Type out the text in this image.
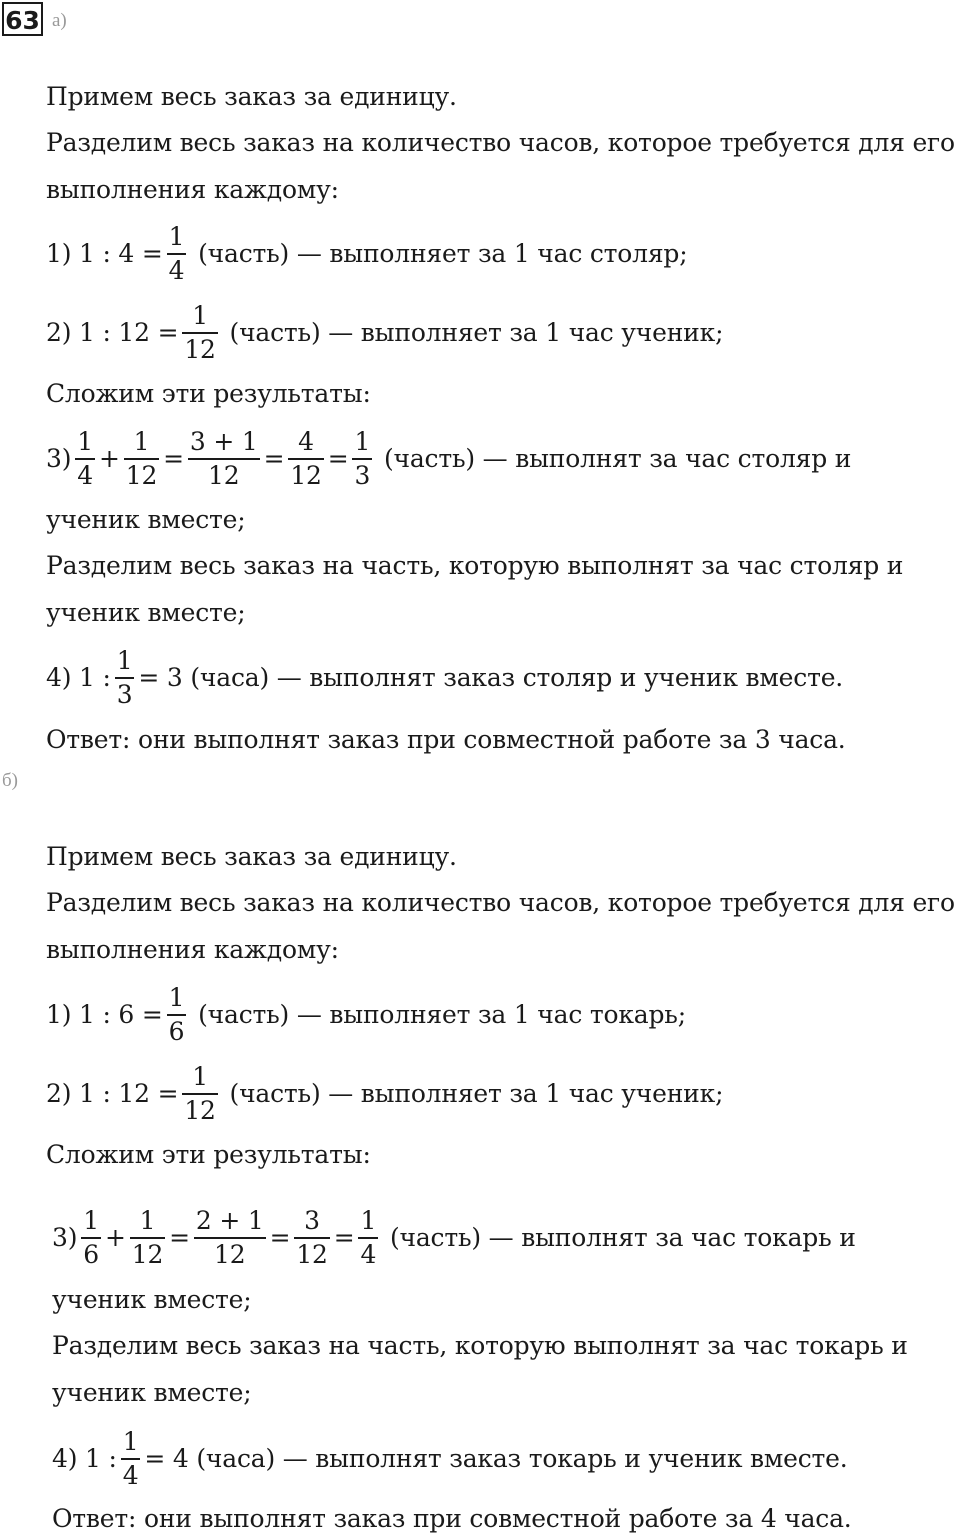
63 а)
Примем весь заказ за единицу.
Разделим весь заказ на количество часов, которое требуется для его
выполнения каждому:
1) 1 : $4 = \frac{1}{4}$ (часть) — выполняет за 1 час столяр;
2) 1 : $12 = \frac{1}{12}$ (часть) — выполняет за 1 час ученик;
Сложим эти результаты:
$3) \frac{1}{4} + \frac{1}{12} = \frac{3 + 1}{12} = \frac{4}{12} = \frac{1}{3}$ (часть) — выполнят за час столяр и
ученик вместе;
Разделим весь заказ на часть, которую выполнят за час столяр и
ученик вместе;
4) 1 : $\frac{1}{3} = 3$ (часа) — выполнят заказ столяр и ученик вместе.
Ответ: они выполнят заказ при совместной работе за 3 часа.
б)
Примем весь заказ за единицу.
Разделим весь заказ на количество часов, которое требуется для его
выполнения каждому:
1) 1 : $6 = \frac{1}{6}$ (часть) — выполняет за 1 час токарь;
2) 1 : $12 = \frac{1}{12}$ (часть) — выполняет за 1 час ученик;
Сложим эти результаты:
$3) \frac{1}{6} + \frac{1}{12} = \frac{2 + 1}{12} = \frac{3}{12} = \frac{1}{4}$ (часть) — выполнят за час токарь и
ученик вместе;
Разделим весь заказ на часть, которую выполнят за час токарь и
ученик вместе;
4) 1 : $\frac{1}{4} = 4$ (часа) — выполнят заказ токарь и ученик вместе.
Ответ: они выполнят заказ при совместной работе за 4 часа.
